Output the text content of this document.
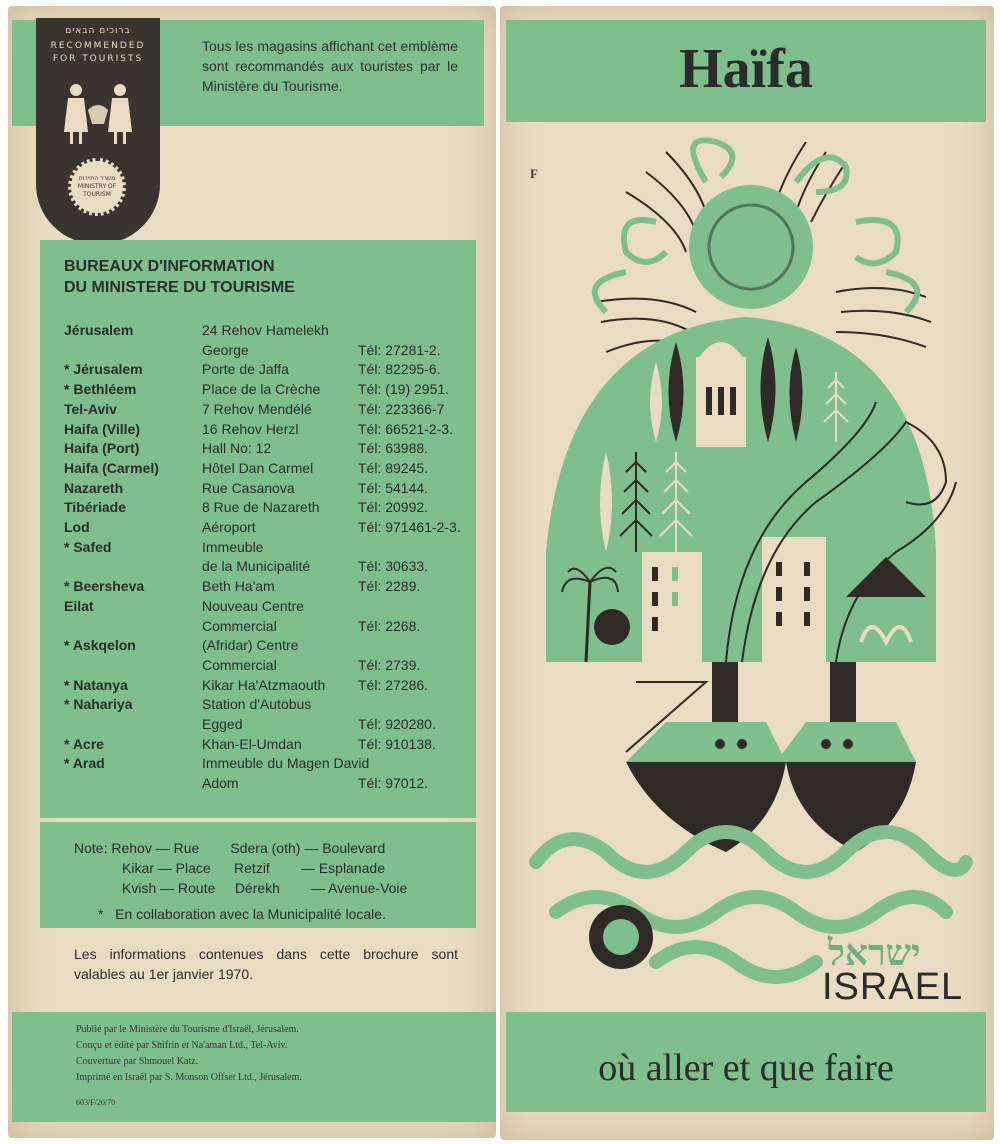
ברוכים הבאים
RECOMMENDED
FOR TOURISTS
משרד התיירות MINISTRY OF TOURISM
Tous les magasins affichant cet emblème sont recommandés aux touristes par le Ministère du Tourisme.
BUREAUX D'INFORMATION
DU MINISTERE DU TOURISME
Jérusalem	24 Rehov Hamelekh
George	Tél: 27281-2.
* Jérusalem	Porte de Jaffa	Tél: 82295-6.
* Bethléem	Place de la Crèche	Tél: (19) 2951.
Tel-Aviv	7 Rehov Mendélé	Tél: 223366-7
Haifa (Ville)	16 Rehov Herzl	Tél: 66521-2-3.
Haifa (Port)	Hall No: 12	Tél: 63988.
Haifa (Carmel)	Hôtel Dan Carmel	Tél: 89245.
Nazareth	Rue Casanova	Tél: 54144.
Tibériade	8 Rue de Nazareth	Tél: 20992.
Lod	Aéroport	Tél: 971461-2-3.
* Safed	Immeuble
de la Municipalité	Tél: 30633.
* Beersheva	Beth Ha'am	Tél: 2289.
Eilat	Nouveau Centre
Commercial	Tél: 2268.
* Askqelon	(Afridar) Centre
Commercial	Tél: 2739.
* Natanya	Kikar Ha'Atzmaouth Tél: 27286.
* Nahariya	Station d'Autobus
Egged	Tél: 920280.
* Acre	Khan-El-Umdan	Tél: 910138.
* Arad	Immeuble du Magen David
Adom	Tél: 97012.
Note: Rehov — Rue        Sdera (oth) — Boulevard
Kikar — Place      Retzif        — Esplanade
Kvish — Route     Dérekh        — Avenue-Voie
*   En collaboration avec la Municipalité locale.
Les informations contenues dans cette brochure sont valables au 1er janvier 1970.
Publié par le Ministère du Tourisme d'Israël, Jérusalem.
Conçu et édité par Shifrin et Na'aman Ltd., Tel-Aviv.
Couverture par Shmouel Katz.
Imprimé en Israël par S. Monson Offset Ltd., Jérusalem.
603/F/20/70
Haïfa
F
ישראל
ISRAEL
où aller et que faire
